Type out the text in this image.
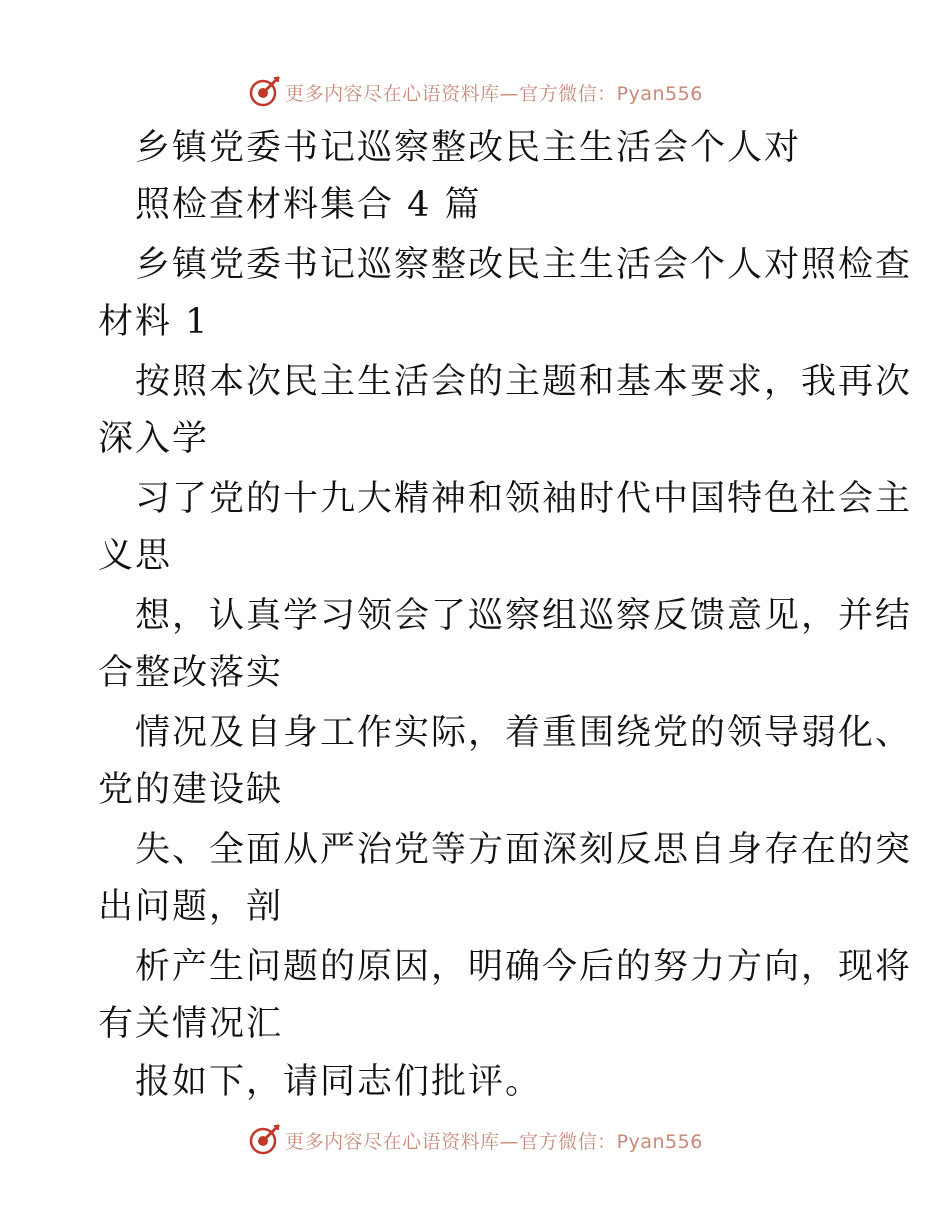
更多内容尽在心语资料库—官方微信：Pyan556
乡镇党委书记巡察整改民主生活会个人对
照检查材料集合 4 篇
乡镇党委书记巡察整改民主生活会个人对照检查
材料 1
按照本次民主生活会的主题和基本要求，我再次
深入学
习了党的十九大精神和领袖时代中国特色社会主
义思
想，认真学习领会了巡察组巡察反馈意见，并结
合整改落实
情况及自身工作实际，着重围绕党的领导弱化、
党的建设缺
失、全面从严治党等方面深刻反思自身存在的突
出问题，剖
析产生问题的原因，明确今后的努力方向，现将
有关情况汇
报如下，请同志们批评。
更多内容尽在心语资料库—官方微信：Pyan556
